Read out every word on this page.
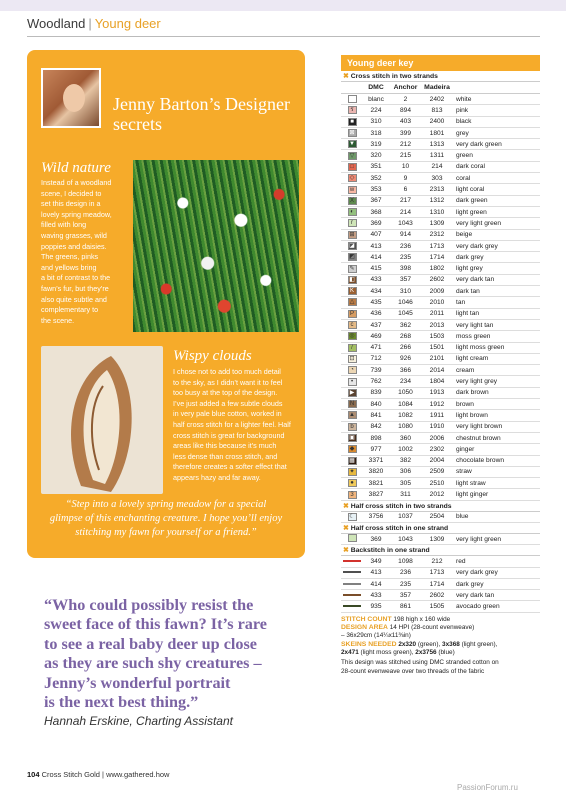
Woodland | Young deer
Jenny Barton’s Designer secrets
Wild nature
Instead of a woodland
scene, I decided to
set this design in a
lovely spring meadow,
filled with long
waving grasses, wild
poppies and daisies.
The greens, pinks
and yellows bring
a bit of contrast to the
fawn’s fur, but they’re
also quite subtle and
complementary to
the scene.
Wispy clouds
I chose not to add too much detail
to the sky, as I didn’t want it to feel
too busy at the top of the design.
I’ve just added a few subtle clouds
in very pale blue cotton, worked in
half cross stitch for a lighter feel. Half
cross stitch is great for background
areas like this because it’s much
less dense than cross stitch, and
therefore creates a softer effect that
appears hazy and far away.
“Step into a lovely spring meadow for a special
glimpse of this enchanting creature. I hope you’ll enjoy
stitching my fawn for yourself or a friend.”
“Who could possibly resist the
sweet face of this fawn? It’s rare
to see a real baby deer up close
as they are such shy creatures –
Jenny’s wonderful portrait
is the next best thing.”
Hannah Erskine, Charting Assistant
104 Cross Stitch Gold | www.gathered.how
PassionForum.ru
Young deer key
✖ Cross stitch in two strands
DMC	Anchor Madeira
∩	blanc	2	2402	white
ร	224	894	813	pink
■	310	403	2400	black
⊠	318	399	1801	grey
▼	319	212	1313	very dark green
▽	320	215	1311	green
□	351	10	214	dark coral
◇	352	9	303	coral
w	353	6	2313	light coral
X	367	217	1312	dark green
◐	368	214	1310	light green
r	369	1043	1309	very light green
⊞	407	914	2312	beige
◪	413	236	1713	very dark grey
◩	414	235	1714	dark grey
✎	415	398	1802	light grey
◧	433	357	2602	very dark tan
K	434	310	2009	dark tan
△	435	1046	2010	tan
P	436	1045	2011	light tan
c	437	362	2013	very light tan
◎	469	268	1503	moss green
/	471	266	1501	light moss green
⊡	712	926	2101	light cream
◔	739	366	2014	cream
•	762	234	1804	very light grey
▶	839	1050	1913	dark brown
N	840	1084	1912	brown
▲	841	1082	1911	light brown
b	842	1080	1910	very light brown
▣	898	360	2006	chestnut brown
◆	977	1002	2302	ginger
▦	3371	382	2004	chocolate brown
✦	3820	306	2509	straw
●	3821	305	2510	light straw
3	3827	311	2012	light ginger
✖ Half cross stitch in two strands
☾	3756	1037	2504	blue
✖ Half cross stitch in one strand
369	1043	1309	very light green
✖ Backstitch in one strand
349	1098	212	red
413	236	1713	very dark grey
414	235	1714	dark grey
433	357	2602	very dark tan
935	861	1505	avocado green
STITCH COUNT 198 high x 160 wide
DESIGN AREA 14 HPI (28-count evenweave)
– 36x29cm (14¼x11⅜in)
SKEINS NEEDED 2x320 (green), 3x368 (light green),
2x471 (light moss green), 2x3756 (blue)
This design was stitched using DMC stranded cotton on
28-count evenweave over two threads of the fabric
